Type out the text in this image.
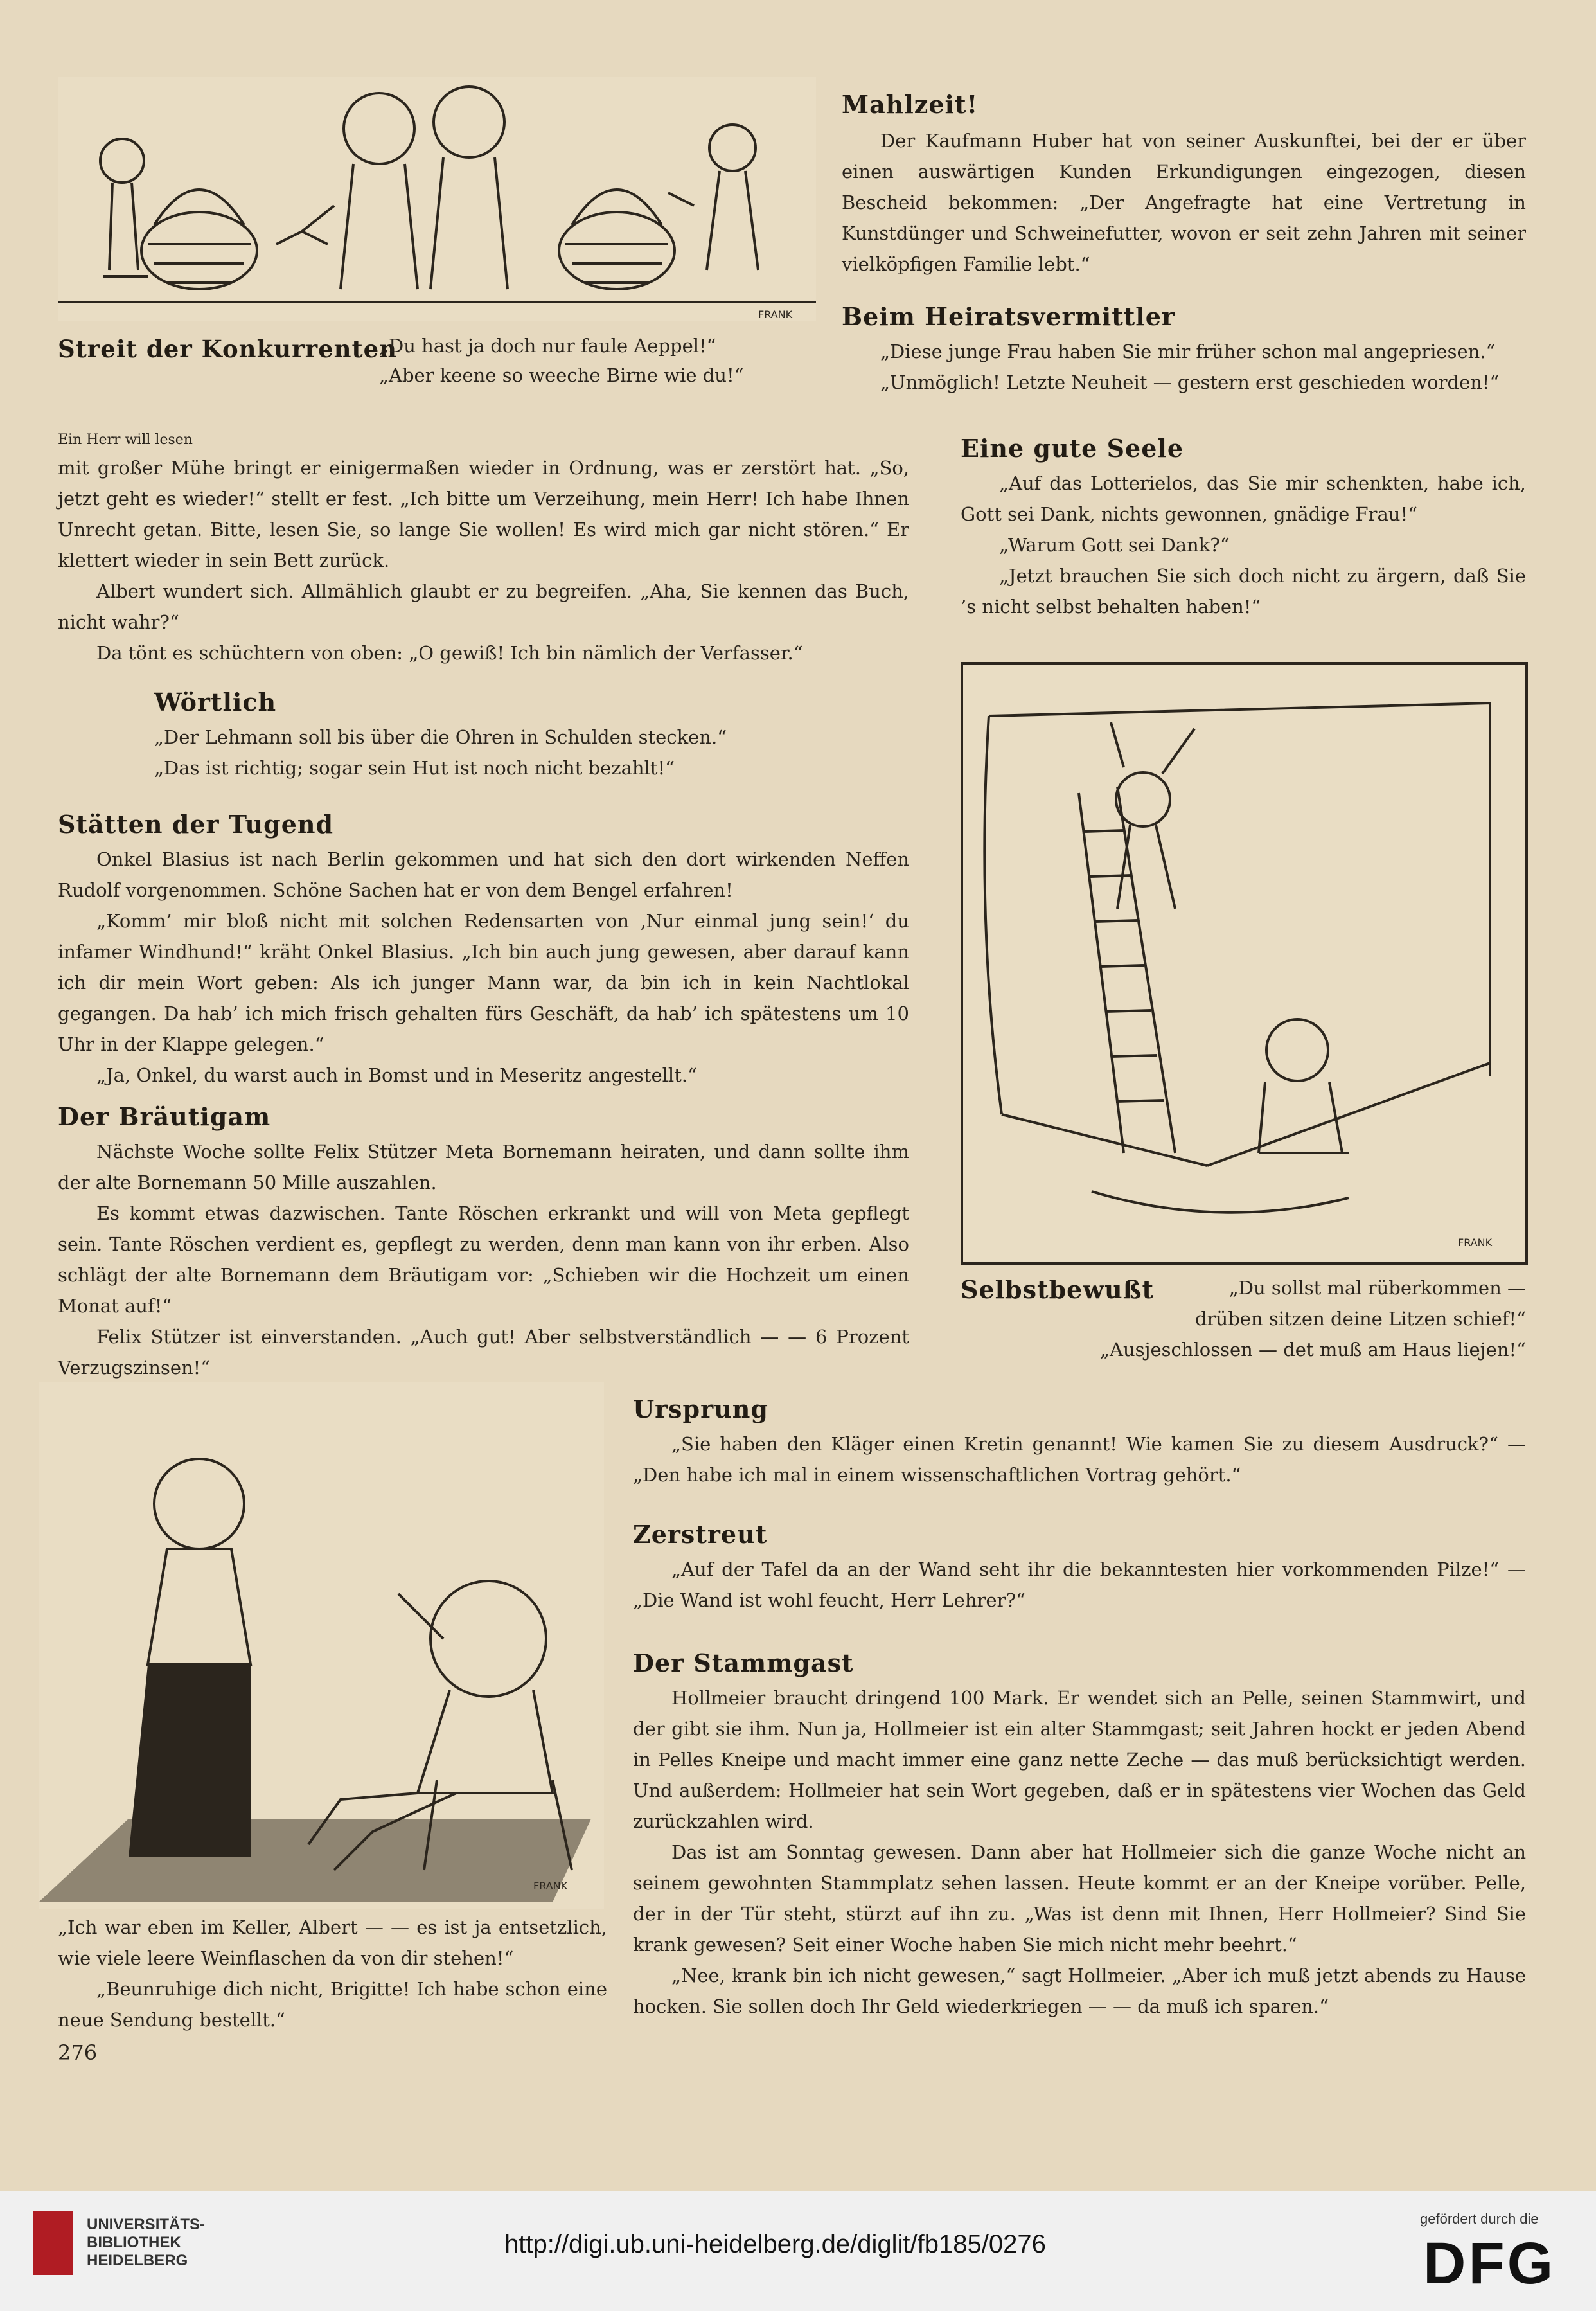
FRANK
Streit der Konkurrenten

„Du hast ja doch nur faule Aeppel!“

„Aber keene so weeche Birne wie du!“

Mahlzeit!

Der Kaufmann Huber hat von seiner Auskunftei, bei der er über einen auswärtigen Kunden Erkundigungen eingezogen, diesen Bescheid bekommen: „Der Angefragte hat eine Vertretung in Kunstdünger und Schweinefutter, wovon er seit zehn Jahren mit seiner vielköpfigen Familie lebt.“

Beim Heiratsvermittler

„Diese junge Frau haben Sie mir früher schon mal angepriesen.“

„Unmöglich! Letzte Neuheit — gestern erst geschieden worden!“

Ein Herr will lesen

mit großer Mühe bringt er einigermaßen wieder in Ordnung, was er zerstört hat. „So, jetzt geht es wieder!“ stellt er fest. „Ich bitte um Verzeihung, mein Herr! Ich habe Ihnen Unrecht getan. Bitte, lesen Sie, so lange Sie wollen! Es wird mich gar nicht stören.“ Er klettert wieder in sein Bett zurück.

Albert wundert sich. Allmählich glaubt er zu begreifen. „Aha, Sie kennen das Buch, nicht wahr?“

Da tönt es schüchtern von oben: „O gewiß! Ich bin nämlich der Verfasser.“

Eine gute Seele

„Auf das Lotterielos, das Sie mir schenkten, habe ich, Gott sei Dank, nichts gewonnen, gnädige Frau!“

„Warum Gott sei Dank?“

„Jetzt brauchen Sie sich doch nicht zu ärgern, daß Sie ’s nicht selbst behalten haben!“

Wörtlich

„Der Lehmann soll bis über die Ohren in Schulden stecken.“

„Das ist richtig; sogar sein Hut ist noch nicht bezahlt!“

Stätten der Tugend

Onkel Blasius ist nach Berlin gekommen und hat sich den dort wirkenden Neffen Rudolf vorgenommen. Schöne Sachen hat er von dem Bengel erfahren!

„Komm’ mir bloß nicht mit solchen Redensarten von ‚Nur einmal jung sein!‘ du infamer Windhund!“ kräht Onkel Blasius. „Ich bin auch jung gewesen, aber darauf kann ich dir mein Wort geben: Als ich junger Mann war, da bin ich in kein Nachtlokal gegangen. Da hab’ ich mich frisch gehalten fürs Geschäft, da hab’ ich spätestens um 10 Uhr in der Klappe gelegen.“

„Ja, Onkel, du warst auch in Bomst und in Meseritz angestellt.“

Der Bräutigam

Nächste Woche sollte Felix Stützer Meta Bornemann heiraten, und dann sollte ihm der alte Bornemann 50 Mille auszahlen.

Es kommt etwas dazwischen. Tante Röschen erkrankt und will von Meta gepflegt sein. Tante Röschen verdient es, gepflegt zu werden, denn man kann von ihr erben. Also schlägt der alte Bornemann dem Bräutigam vor: „Schieben wir die Hochzeit um einen Monat auf!“

Felix Stützer ist einverstanden. „Auch gut! Aber selbstverständlich — — 6 Prozent Verzugszinsen!“

FRANK
Selbstbewußt	„Du sollst mal rüberkommen — drüben sitzen deine Litzen schief!“

„Ausjeschlossen — det muß am Haus liejen!“

FRANK

„Ich war eben im Keller, Albert — — es ist ja entsetzlich, wie viele leere Weinflaschen da von dir stehen!“

„Beunruhige dich nicht, Brigitte! Ich habe schon eine neue Sendung bestellt.“

276
Ursprung

„Sie haben den Kläger einen Kretin genannt! Wie kamen Sie zu diesem Ausdruck?“ — „Den habe ich mal in einem wissenschaftlichen Vortrag gehört.“

Zerstreut

„Auf der Tafel da an der Wand seht ihr die bekanntesten hier vorkommenden Pilze!“ — „Die Wand ist wohl feucht, Herr Lehrer?“

Der Stammgast

Hollmeier braucht dringend 100 Mark. Er wendet sich an Pelle, seinen Stammwirt, und der gibt sie ihm. Nun ja, Hollmeier ist ein alter Stammgast; seit Jahren hockt er jeden Abend in Pelles Kneipe und macht immer eine ganz nette Zeche — das muß berücksichtigt werden. Und außerdem: Hollmeier hat sein Wort gegeben, daß er in spätestens vier Wochen das Geld zurückzahlen wird.

Das ist am Sonntag gewesen. Dann aber hat Hollmeier sich die ganze Woche nicht an seinem gewohnten Stammplatz sehen lassen. Heute kommt er an der Kneipe vorüber. Pelle, der in der Tür steht, stürzt auf ihn zu. „Was ist denn mit Ihnen, Herr Hollmeier? Sind Sie krank gewesen? Seit einer Woche haben Sie mich nicht mehr beehrt.“

„Nee, krank bin ich nicht gewesen,“ sagt Hollmeier. „Aber ich muß jetzt abends zu Hause hocken. Sie sollen doch Ihr Geld wiederkriegen — — da muß ich sparen.“

UNIVERSITÄTS-
BIBLIOTHEK
HEIDELBERG
http://digi.ub.uni-heidelberg.de/diglit/fb185/0276
gefördert durch die
DFG
